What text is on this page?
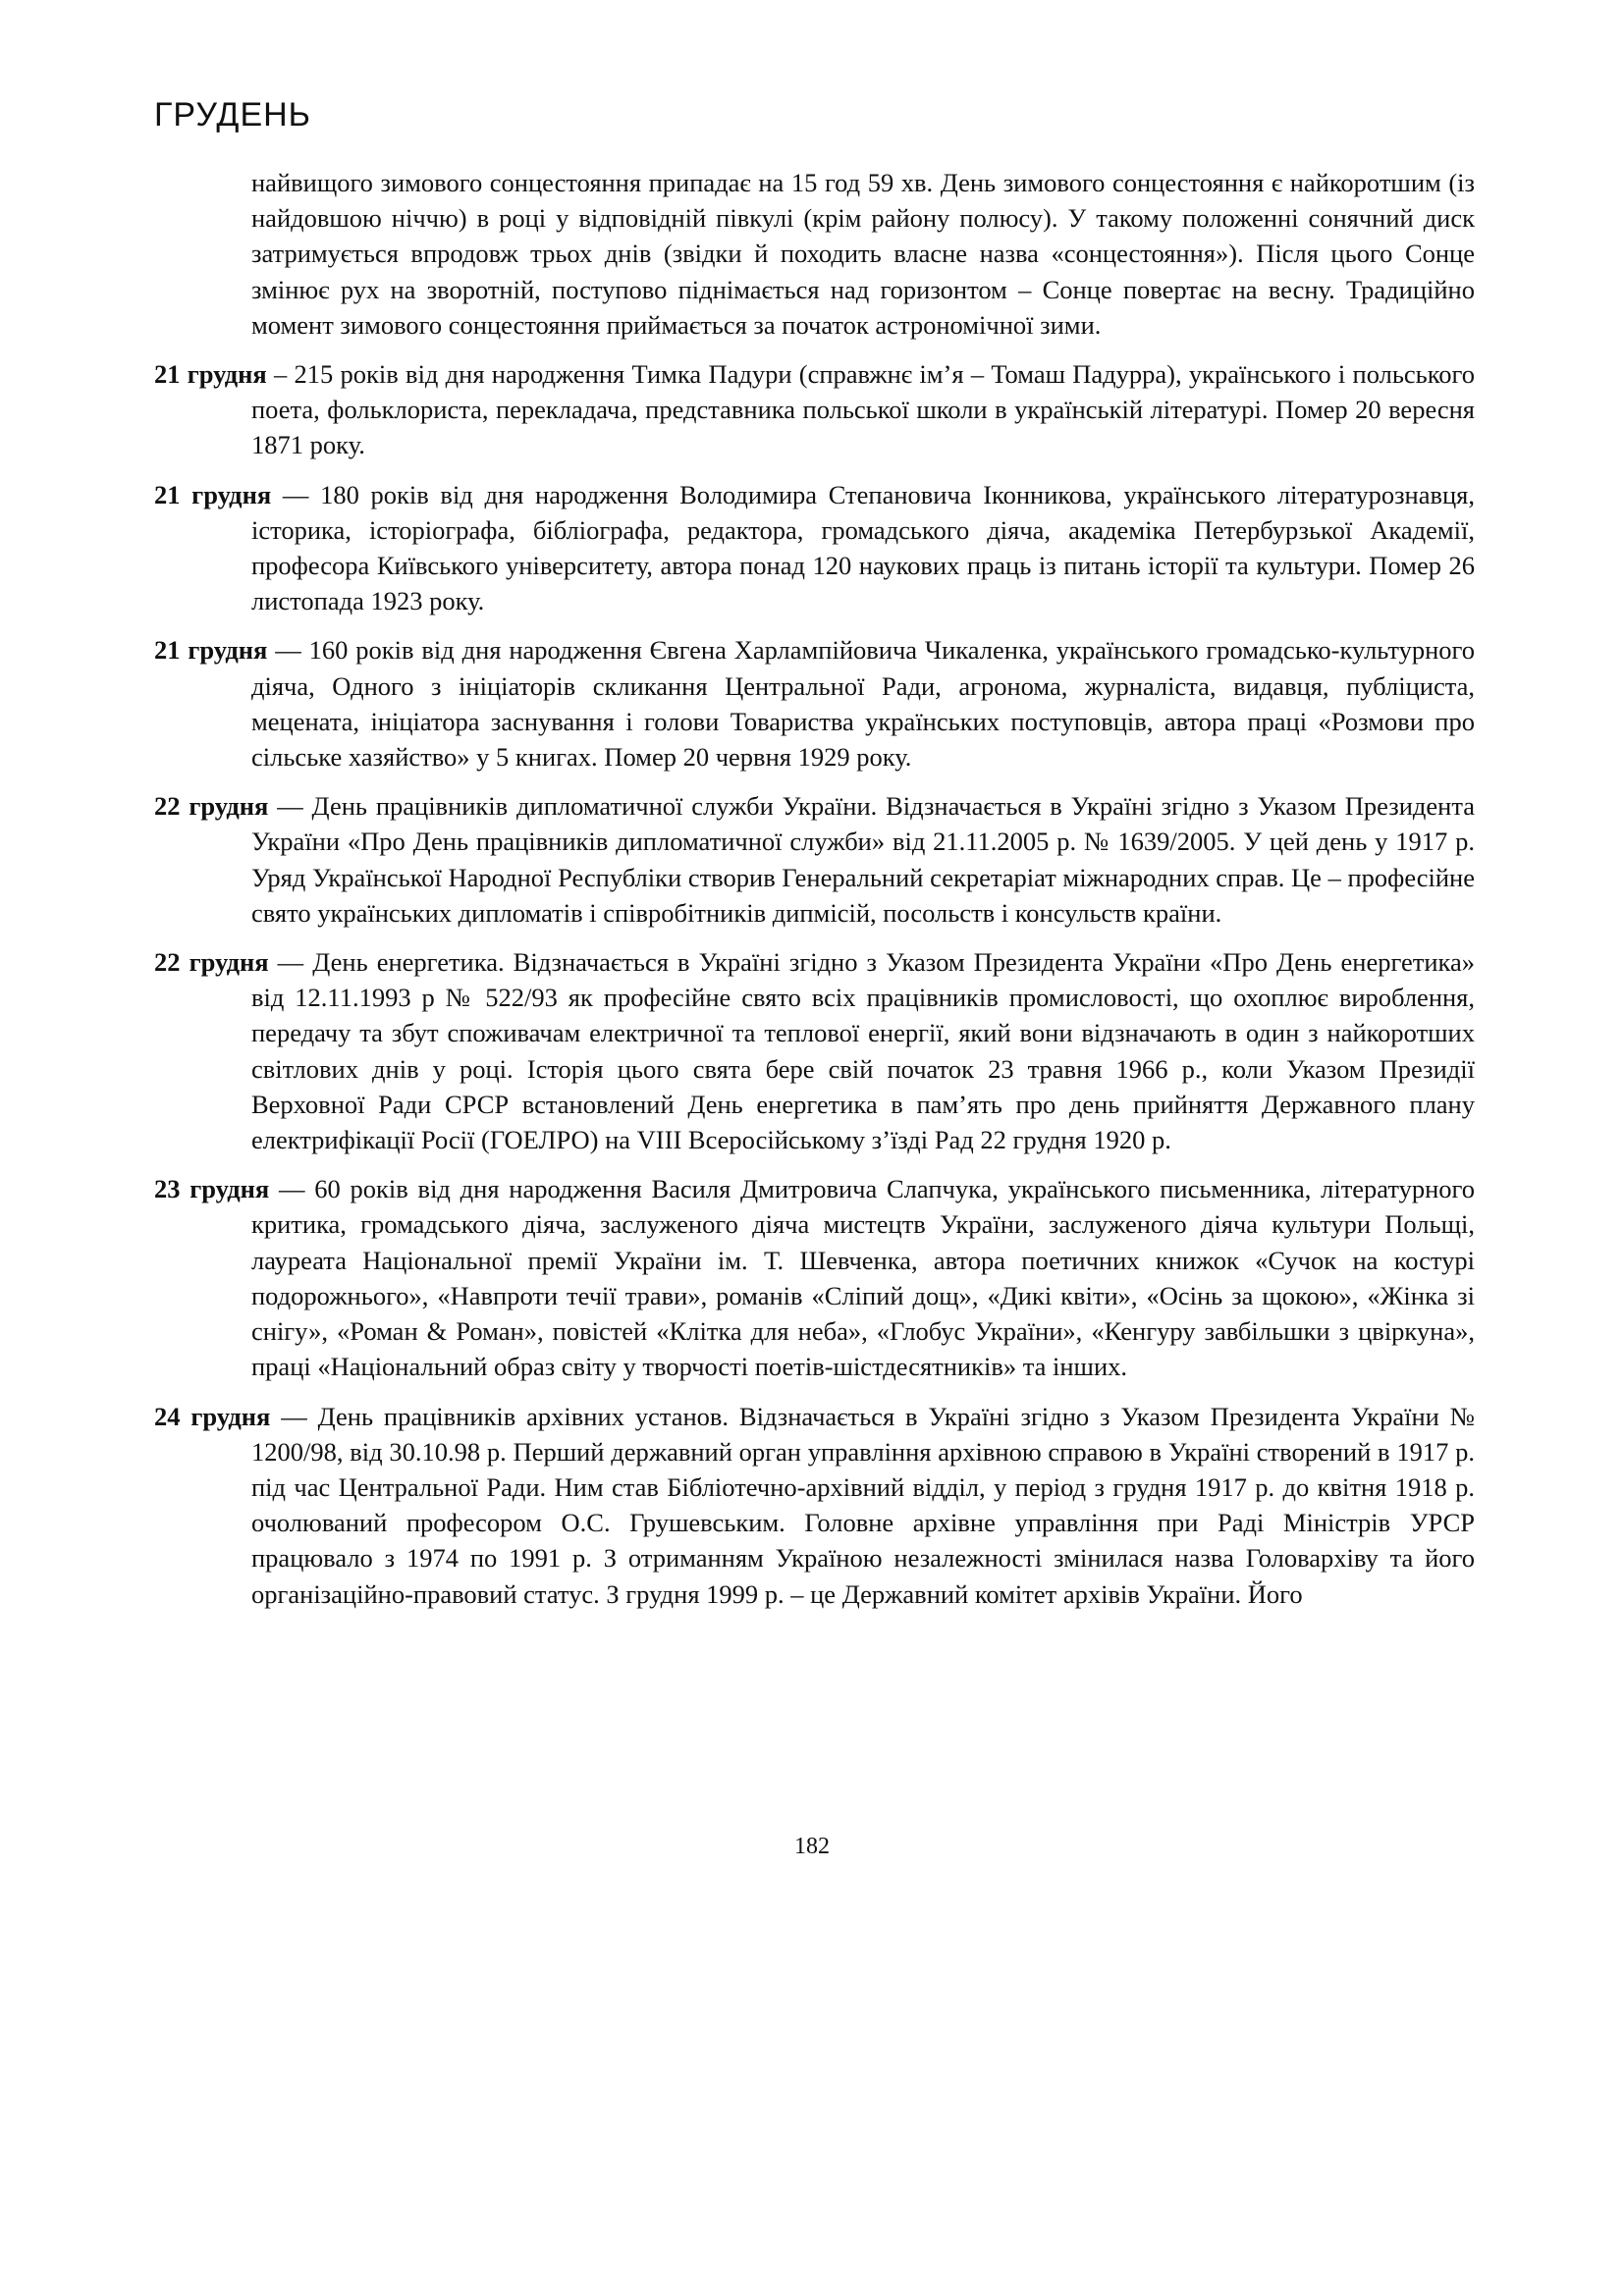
ГРУДЕНЬ
найвищого зимового сонцестояння припадає на 15 год 59 хв. День зимового сонцестояння є найкоротшим (із найдовшою ніччю) в році у відповідній півкулі (крім району полюсу). У такому положенні сонячний диск затримується впродовж трьох днів (звідки й походить власне назва «сонцестояння»). Після цього Сонце змінює рух на зворотній, поступово піднімається над горизонтом – Сонце повертає на весну. Традиційно момент зимового сонцестояння приймається за початок астрономічної зими.
21 грудня – 215 років від дня народження Тимка Падури (справжнє ім’я – Томаш Падурра), українського і польського поета, фольклориста, перекладача, представника польської школи в українській літературі. Помер 20 вересня 1871 року.
21 грудня — 180 років від дня народження Володимира Степановича Іконникова, українського літературознавця, історика, історіографа, бібліографа, редактора, громадського діяча, академіка Петербурзької Академії, професора Київського університету, автора понад 120 наукових праць із питань історії та культури. Помер 26 листопада 1923 року.
21 грудня — 160 років від дня народження Євгена Харлампійовича Чикаленка, українського громадсько-культурного діяча, Одного з ініціаторів скликання Центральної Ради, агронома, журналіста, видавця, публіциста, мецената, ініціатора заснування і голови Товариства українських поступовців, автора праці «Розмови про сільське хазяйство» у 5 книгах. Помер 20 червня 1929 року.
22 грудня — День працівників дипломатичної служби України. Відзначається в Україні згідно з Указом Президента України «Про День працівників дипломатичної служби» від 21.11.2005 р. № 1639/2005. У цей день у 1917 р. Уряд Української Народної Республіки створив Генеральний секретаріат міжнародних справ. Це – професійне свято українських дипломатів і співробітників дипмісій, посольств і консульств країни.
22 грудня — День енергетика. Відзначається в Україні згідно з Указом Президента України «Про День енергетика» від 12.11.1993 р № 522/93 як професійне свято всіх працівників промисловості, що охоплює вироблення, передачу та збут споживачам електричної та теплової енергії, який вони відзначають в один з найкоротших світлових днів у році. Історія цього свята бере свій початок 23 травня 1966 р., коли Указом Президії Верховної Ради СРСР встановлений День енергетика в пам’ять про день прийняття Державного плану електрифікації Росії (ГОЕЛРО) на VIII Всеросійському з’їзді Рад 22 грудня 1920 р.
23 грудня — 60 років від дня народження Василя Дмитровича Слапчука, українського письменника, літературного критика, громадського діяча, заслуженого діяча мистецтв України, заслуженого діяча культури Польщі, лауреата Національної премії України ім. Т. Шевченка, автора поетичних книжок «Сучок на костурі подорожнього», «Навпроти течії трави», романів «Сліпий дощ», «Дикі квіти», «Осінь за щокою», «Жінка зі снігу», «Роман & Роман», повістей «Клітка для неба», «Глобус України», «Кенгуру завбільшки з цвіркуна», праці «Національний образ світу у творчості поетів-шістдесятників» та інших.
24 грудня — День працівників архівних установ. Відзначається в Україні згідно з Указом Президента України № 1200/98, від 30.10.98 р. Перший державний орган управління архівною справою в Україні створений в 1917 р. під час Центральної Ради. Ним став Бібліотечно-архівний відділ, у період з грудня 1917 р. до квітня 1918 р. очолюваний професором О.С. Грушевським. Головне архівне управління при Раді Міністрів УРСР працювало з 1974 по 1991 р. З отриманням Україною незалежності змінилася назва Головархіву та його організаційно-правовий статус. З грудня 1999 р. – це Державний комітет архівів України. Його
182
